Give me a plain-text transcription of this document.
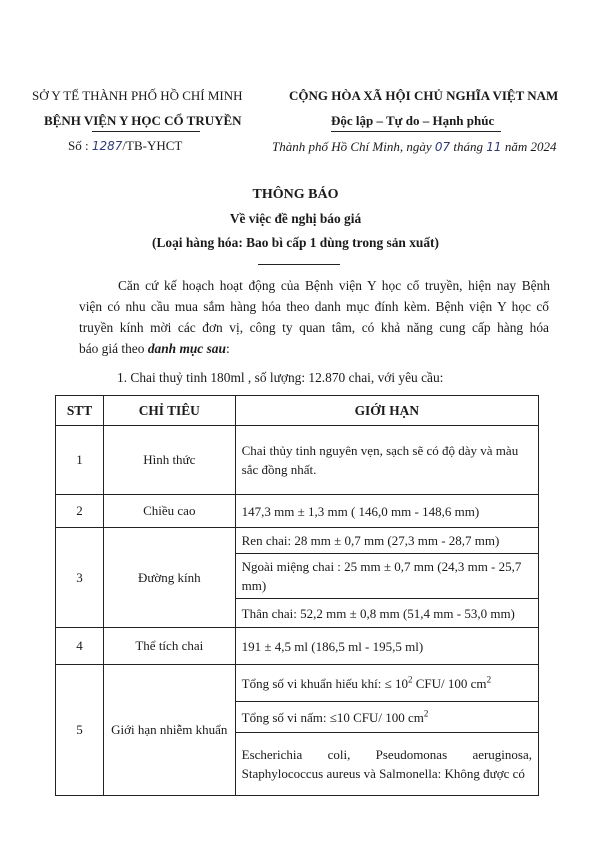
SỞ Y TẾ THÀNH PHỐ HỒ CHÍ MINH
BỆNH VIỆN Y HỌC CỔ TRUYỀN
Số : 1287/TB-YHCT
CỘNG HÒA XÃ HỘI CHỦ NGHĨA VIỆT NAM
Độc lập – Tự do – Hạnh phúc
Thành phố Hồ Chí Minh, ngày 07 tháng 11 năm 2024
THÔNG BÁO
Về việc đề nghị báo giá
(Loại hàng hóa: Bao bì cấp 1 dùng trong sản xuất)
Căn cứ kế hoạch hoạt động của Bệnh viện Y học cổ truyền, hiện nay Bệnh
viện có nhu cầu mua sắm hàng hóa theo danh mục đính kèm. Bệnh viện Y học cổ
truyền kính mời các đơn vị, công ty quan tâm, có khả năng cung cấp hàng hóa
báo giá theo danh mục sau:
1. Chai thuỷ tinh 180ml , số lượng: 12.870 chai, với yêu cầu:
STT	CHỈ TIÊU	GIỚI HẠN
1	Hình thức	Chai thủy tinh nguyên vẹn, sạch sẽ có độ dày và màu sắc đồng nhất.
2	Chiều cao	147,3 mm ± 1,3 mm ( 146,0 mm - 148,6 mm)
3	Đường kính	Ren chai: 28 mm ± 0,7 mm (27,3 mm - 28,7 mm)
		Ngoài miệng chai : 25 mm ± 0,7 mm (24,3 mm - 25,7 mm)
		Thân chai: 52,2 mm ± 0,8 mm (51,4 mm - 53,0 mm)
4	Thể tích chai	191 ± 4,5 ml (186,5 ml - 195,5 ml)
5	Giới hạn nhiễm khuẩn	Tổng số vi khuẩn hiếu khí: ≤ $10^2$ CFU/ 100 $cm^2$
		Tổng số vi nấm: ≤10 CFU/ 100 $cm^2$

		Escherichia coli, Pseudomonas aeruginosa,
Staphylococcus aureus và Salmonella: Không được có
